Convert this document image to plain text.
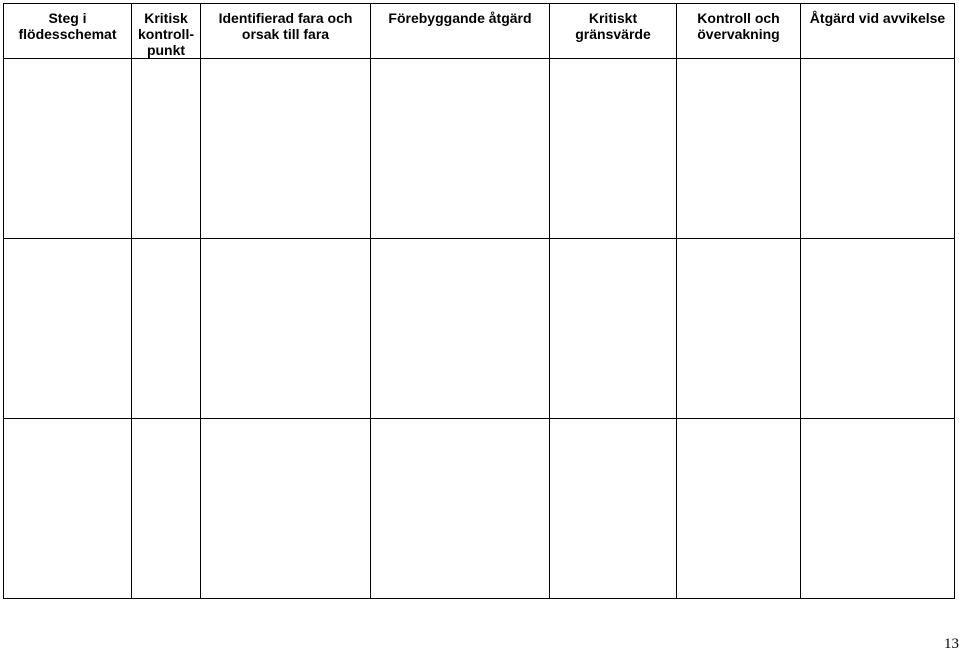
Steg i
flödesschemat	Kritisk
kontroll-
punkt	Identifierad fara och
orsak till fara	Förebyggande åtgärd	Kritiskt
gränsvärde	Kontroll och
övervakning	Åtgärd vid avvikelse

13
